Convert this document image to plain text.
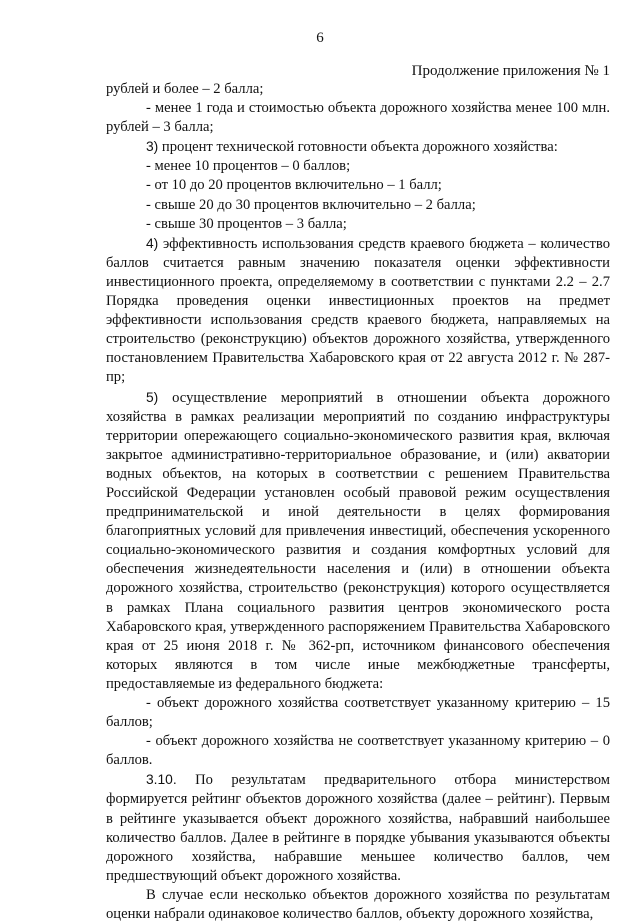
6
Продолжение приложения № 1

рублей и более – 2 балла;

- менее 1 года и стоимостью объекта дорожного хозяйства менее 100 млн. рублей – 3 балла;

3) процент технической готовности объекта дорожного хозяйства:

- менее 10 процентов – 0 баллов;

- от 10 до 20 процентов включительно – 1 балл;

- свыше 20 до 30 процентов включительно – 2 балла;

- свыше 30 процентов – 3 балла;

4) эффективность использования средств краевого бюджета – количество баллов считается равным значению показателя оценки эффективности инвестиционного проекта, определяемому в соответствии с пунктами 2.2 – 2.7 Порядка проведения оценки инвестиционных проектов на предмет эффективности использования средств краевого бюджета, направляемых на строительство (реконструкцию) объектов дорожного хозяйства, утвержденного постановлением Правительства Хабаровского края от 22 августа 2012 г. № 287-пр;

5) осуществление мероприятий в отношении объекта дорожного хозяйства в рамках реализации мероприятий по созданию инфраструктуры территории опережающего социально-экономического развития края, включая закрытое административно-территориальное образование, и (или) акватории водных объектов, на которых в соответствии с решением Правительства Российской Федерации установлен особый правовой режим осуществления предпринимательской и иной деятельности в целях формирования благоприятных условий для привлечения инвестиций, обеспечения ускоренного социально-экономического развития и создания комфортных условий для обеспечения жизнедеятельности населения и (или) в отношении объекта дорожного хозяйства, строительство (реконструкция) которого осуществляется в рамках Плана социального развития центров экономического роста Хабаровского края, утвержденного распоряжением Правительства Хабаровского края от 25 июня 2018 г. № 362-рп, источником финансового обеспечения которых являются в том числе иные межбюджетные трансферты, предоставляемые из федерального бюджета:

- объект дорожного хозяйства соответствует указанному критерию – 15 баллов;

- объект дорожного хозяйства не соответствует указанному критерию – 0 баллов.

3.10. По результатам предварительного отбора министерством формируется рейтинг объектов дорожного хозяйства (далее – рейтинг). Первым в рейтинге указывается объект дорожного хозяйства, набравший наибольшее количество баллов. Далее в рейтинге в порядке убывания указываются объекты дорожного хозяйства, набравшие меньшее количество баллов, чем предшествующий объект дорожного хозяйства.

В случае если несколько объектов дорожного хозяйства по результатам оценки набрали одинаковое количество баллов, объекту дорожного хозяйства,
